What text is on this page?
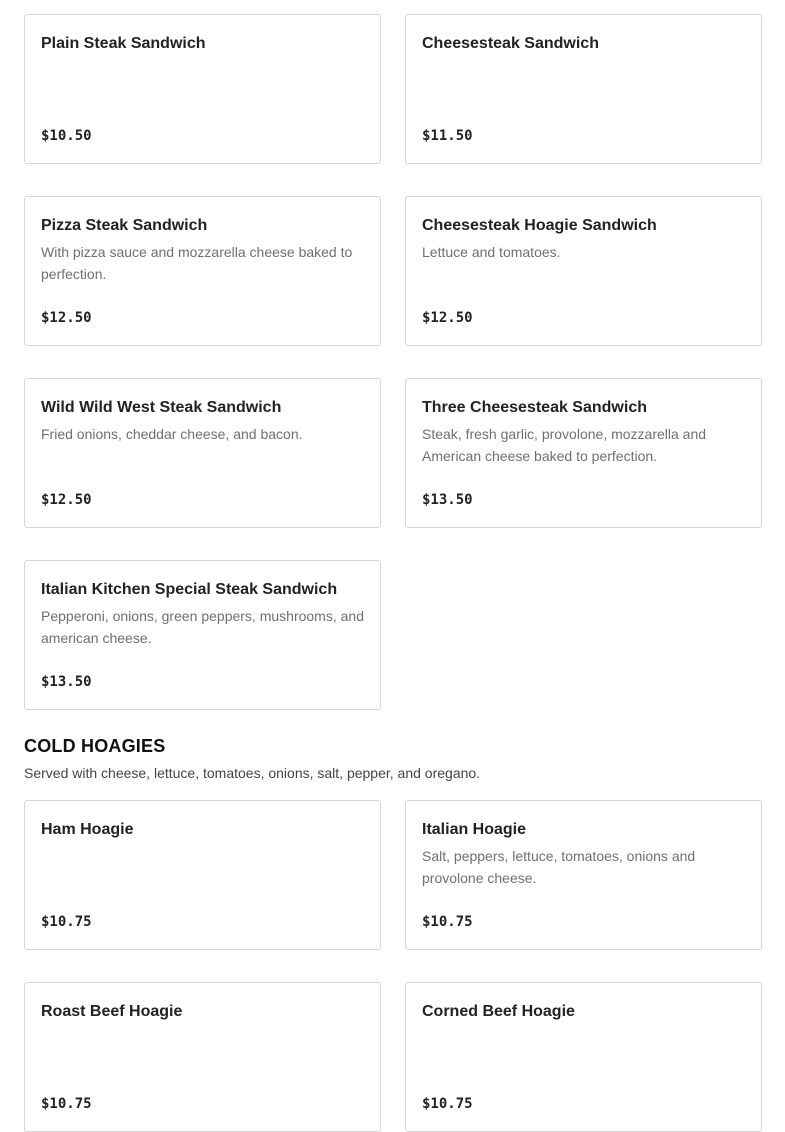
Plain Steak Sandwich
$10.50
Cheesesteak Sandwich
$11.50
Pizza Steak Sandwich
With pizza sauce and mozzarella cheese baked to perfection.
$12.50
Cheesesteak Hoagie Sandwich
Lettuce and tomatoes.
$12.50
Wild Wild West Steak Sandwich
Fried onions, cheddar cheese, and bacon.
$12.50
Three Cheesesteak Sandwich
Steak, fresh garlic, provolone, mozzarella and American cheese baked to perfection.
$13.50
Italian Kitchen Special Steak Sandwich
Pepperoni, onions, green peppers, mushrooms, and american cheese.
$13.50
COLD HOAGIES
Served with cheese, lettuce, tomatoes, onions, salt, pepper, and oregano.
Ham Hoagie
$10.75
Italian Hoagie
Salt, peppers, lettuce, tomatoes, onions and provolone cheese.
$10.75
Roast Beef Hoagie
$10.75
Corned Beef Hoagie
$10.75
